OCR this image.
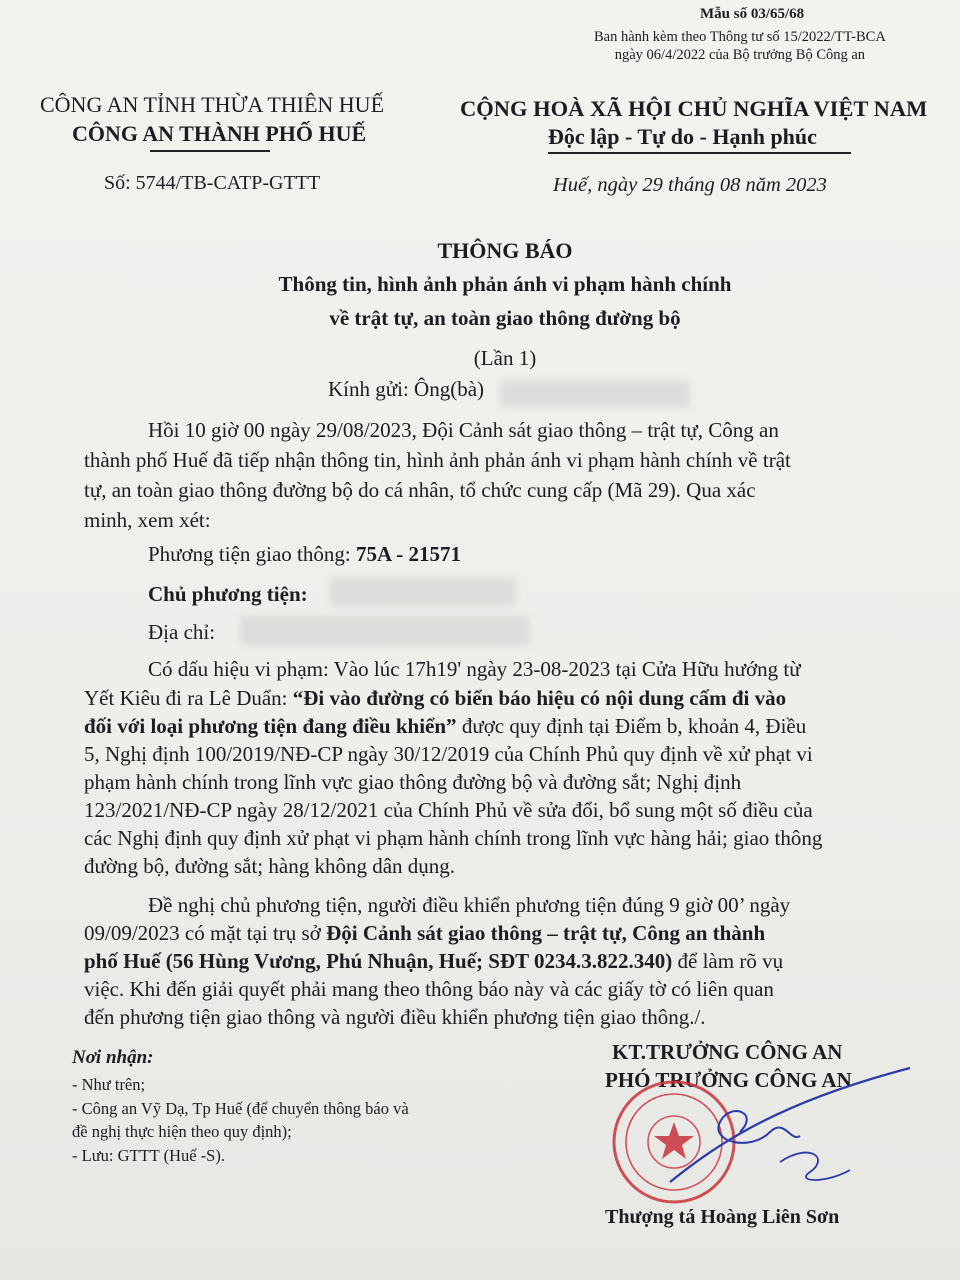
Mẫu số 03/65/68
Ban hành kèm theo Thông tư số 15/2022/TT-BCA
ngày 06/4/2022 của Bộ trưởng Bộ Công an
CÔNG AN TỈNH THỪA THIÊN HUẾ
CÔNG AN THÀNH PHỐ HUẾ
CỘNG HOÀ XÃ HỘI CHỦ NGHĨA VIỆT NAM
Độc lập - Tự do - Hạnh phúc
Số: 5744/TB-CATP-GTTT	Huế, ngày 29 tháng 08 năm 2023
THÔNG BÁO
Thông tin, hình ảnh phản ánh vi phạm hành chính
về trật tự, an toàn giao thông đường bộ
(Lần 1)
Kính gửi: Ông(bà)
Hồi 10 giờ 00 ngày 29/08/2023, Đội Cảnh sát giao thông – trật tự, Công an
thành phố Huế đã tiếp nhận thông tin, hình ảnh phản ánh vi phạm hành chính về trật
tự, an toàn giao thông đường bộ do cá nhân, tổ chức cung cấp (Mã 29). Qua xác
minh, xem xét:
Phương tiện giao thông: 75A - 21571
Chủ phương tiện:
Địa chỉ:
Có dấu hiệu vi phạm: Vào lúc 17h19' ngày 23-08-2023 tại Cửa Hữu hướng từ
Yết Kiêu đi ra Lê Duẩn: “Đi vào đường có biển báo hiệu có nội dung cấm đi vào
đối với loại phương tiện đang điều khiển” được quy định tại Điểm b, khoản 4, Điều
5, Nghị định 100/2019/NĐ-CP ngày 30/12/2019 của Chính Phủ quy định về xử phạt vi
phạm hành chính trong lĩnh vực giao thông đường bộ và đường sắt; Nghị định
123/2021/NĐ-CP ngày 28/12/2021 của Chính Phủ về sửa đổi, bổ sung một số điều của
các Nghị định quy định xử phạt vi phạm hành chính trong lĩnh vực hàng hải; giao thông
đường bộ, đường sắt; hàng không dân dụng.
Đề nghị chủ phương tiện, người điều khiển phương tiện đúng 9 giờ 00’ ngày
09/09/2023 có mặt tại trụ sở Đội Cảnh sát giao thông – trật tự, Công an thành
phố Huế (56 Hùng Vương, Phú Nhuận, Huế; SĐT 0234.3.822.340) để làm rõ vụ
việc. Khi đến giải quyết phải mang theo thông báo này và các giấy tờ có liên quan
đến phương tiện giao thông và người điều khiển phương tiện giao thông./.
Nơi nhận:
- Như trên;
- Công an Vỹ Dạ, Tp Huế (để chuyển thông báo và
đề nghị thực hiện theo quy định);
- Lưu: GTTT (Huế -S).
KT.TRƯỞNG CÔNG AN
PHÓ TRƯỞNG CÔNG AN
Thượng tá Hoàng Liên Sơn
